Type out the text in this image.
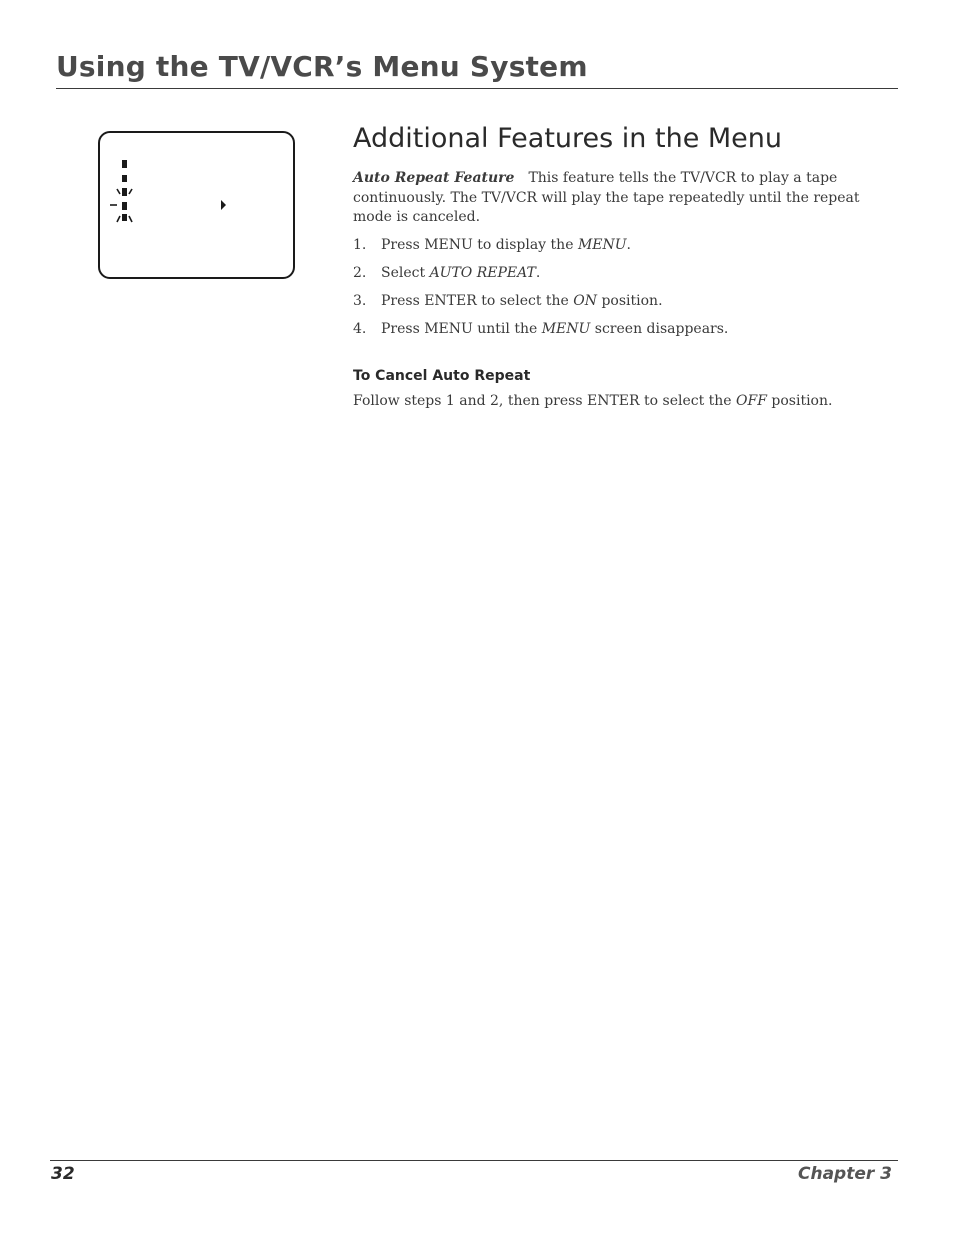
Using the TV/VCR’s Menu System
Additional Features in the Menu

Auto Repeat Feature This feature tells the TV/VCR to play a tape continuously. The TV/VCR will play the tape repeatedly until the repeat mode is canceled.

1. Press MENU to display the MENU.

2. Select AUTO REPEAT.

3. Press ENTER to select the ON position.

4. Press MENU until the MENU screen disappears.

To Cancel Auto Repeat

Follow steps 1 and 2, then press ENTER to select the OFF position.

32	Chapter 3
